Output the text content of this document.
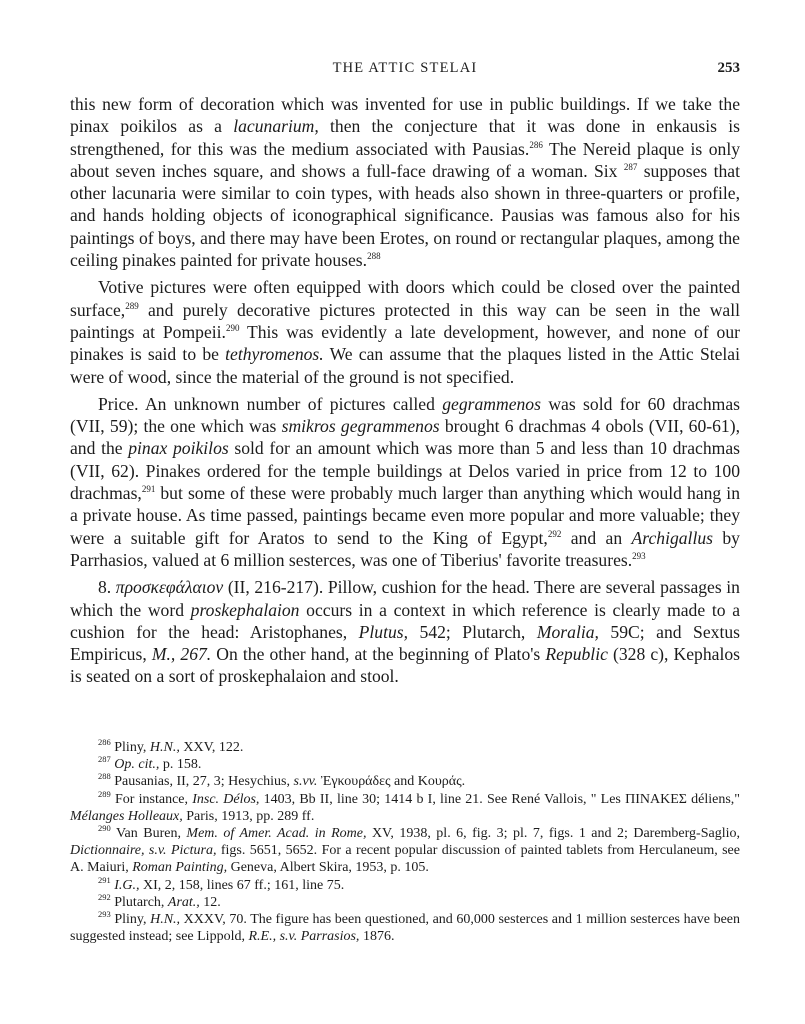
THE ATTIC STELAI	253

this new form of decoration which was invented for use in public buildings. If we take the pinax poikilos as a lacunarium, then the conjecture that it was done in enkausis is strengthened, for this was the medium associated with Pausias.$^{286}$ The Nereid plaque is only about seven inches square, and shows a full-face drawing of a woman. Six $^{287}$ supposes that other lacunaria were similar to coin types, with heads also shown in three-quarters or profile, and hands holding objects of iconographical significance. Pausias was famous also for his paintings of boys, and there may have been Erotes, on round or rectangular plaques, among the ceiling pinakes painted for private houses.$^{288}$

Votive pictures were often equipped with doors which could be closed over the painted surface,$^{289}$ and purely decorative pictures protected in this way can be seen in the wall paintings at Pompeii.$^{290}$ This was evidently a late development, however, and none of our pinakes is said to be tethyromenos. We can assume that the plaques listed in the Attic Stelai were of wood, since the material of the ground is not specified.

Price. An unknown number of pictures called gegrammenos was sold for 60 drachmas (VII, 59); the one which was smikros gegrammenos brought 6 drachmas 4 obols (VII, 60-61), and the pinax poikilos sold for an amount which was more than 5 and less than 10 drachmas (VII, 62). Pinakes ordered for the temple buildings at Delos varied in price from 12 to 100 drachmas,$^{291}$ but some of these were probably much larger than anything which would hang in a private house. As time passed, paintings became even more popular and more valuable; they were a suitable gift for Aratos to send to the King of Egypt,$^{292}$ and an Archigallus by Parrhasios, valued at 6 million sesterces, was one of Tiberius' favorite treasures.$^{293}$

8. προσκεφάλαιον (II, 216-217). Pillow, cushion for the head. There are several passages in which the word proskephalaion occurs in a context in which reference is clearly made to a cushion for the head: Aristophanes, Plutus, 542; Plutarch, Moralia, 59C; and Sextus Empiricus, M., 267. On the other hand, at the beginning of Plato's Republic (328 c), Kephalos is seated on a sort of proskephalaion and stool.

$^{286}$ Pliny, H.N., XXV, 122.

$^{287}$ Op. cit., p. 158.

$^{288}$ Pausanias, II, 27, 3; Hesychius, s.vv. Ἐγκουράδες and Κουράς.

$^{289}$ For instance, Insc. Délos, 1403, Bb II, line 30; 1414 b I, line 21. See René Vallois, " Les ΠΙΝΑΚΕΣ déliens," Mélanges Holleaux, Paris, 1913, pp. 289 ff.

$^{290}$ Van Buren, Mem. of Amer. Acad. in Rome, XV, 1938, pl. 6, fig. 3; pl. 7, figs. 1 and 2; Daremberg-Saglio, Dictionnaire, s.v. Pictura, figs. 5651, 5652. For a recent popular discussion of painted tablets from Herculaneum, see A. Maiuri, Roman Painting, Geneva, Albert Skira, 1953, p. 105.

$^{291}$ I.G., XI, 2, 158, lines 67 ff.; 161, line 75.

$^{292}$ Plutarch, Arat., 12.

$^{293}$ Pliny, H.N., XXXV, 70. The figure has been questioned, and 60,000 sesterces and 1 million sesterces have been suggested instead; see Lippold, R.E., s.v. Parrasios, 1876.
